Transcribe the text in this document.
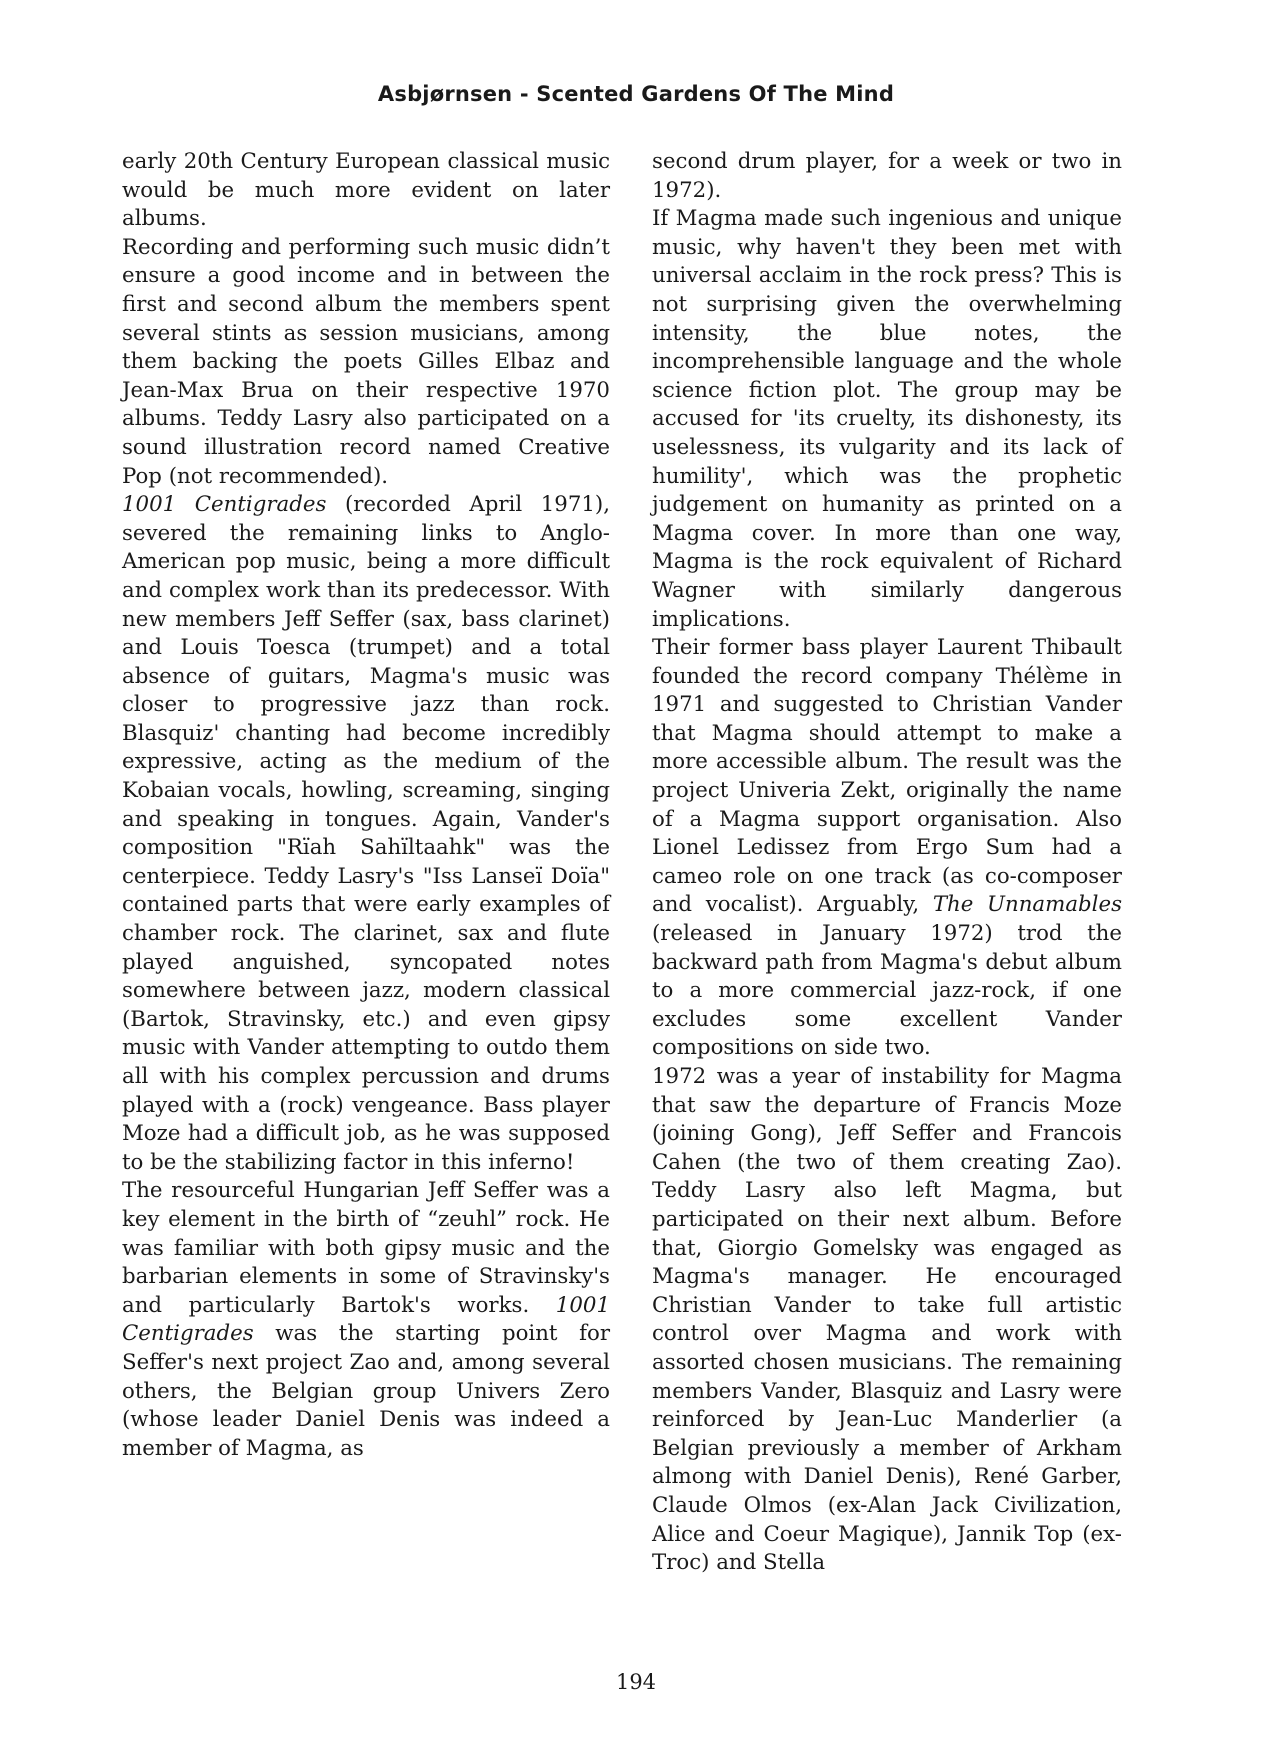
Asbjørnsen - Scented Gardens Of The Mind

early 20th Century European classical music would be much more evident on later albums.

Recording and performing such music didn’t ensure a good income and in between the first and second album the members spent several stints as session musicians, among them backing the poets Gilles Elbaz and Jean-Max Brua on their respective 1970 albums. Teddy Lasry also participated on a sound illustration record named Creative Pop (not recommended).

1001 Centigrades (recorded April 1971), severed the remaining links to Anglo-American pop music, being a more difficult and complex work than its predecessor. With new members Jeff Seffer (sax, bass clarinet) and Louis Toesca (trumpet) and a total absence of guitars, Magma's music was closer to progressive jazz than rock. Blasquiz' chanting had become incredibly expressive, acting as the medium of the Kobaian vocals, howling, screaming, singing and speaking in tongues. Again, Vander's composition "Rïah Sahïltaahk" was the centerpiece. Teddy Lasry's "Iss Lanseï Doïa" contained parts that were early examples of chamber rock. The clarinet, sax and flute played anguished, syncopated notes somewhere between jazz, modern classical (Bartok, Stravinsky, etc.) and even gipsy music with Vander attempting to outdo them all with his complex percussion and drums played with a (rock) vengeance. Bass player Moze had a difficult job, as he was supposed to be the stabilizing factor in this inferno!

The resourceful Hungarian Jeff Seffer was a key element in the birth of “zeuhl” rock. He was familiar with both gipsy music and the barbarian elements in some of Stravinsky's and particularly Bartok's works. 1001 Centigrades was the starting point for Seffer's next project Zao and, among several others, the Belgian group Univers Zero (whose leader Daniel Denis was indeed a member of Magma, as

second drum player, for a week or two in 1972).

If Magma made such ingenious and unique music, why haven't they been met with universal acclaim in the rock press? This is not surprising given the overwhelming intensity, the blue notes, the incomprehensible language and the whole science fiction plot. The group may be accused for 'its cruelty, its dishonesty, its uselessness, its vulgarity and its lack of humility', which was the prophetic judgement on humanity as printed on a Magma cover. In more than one way, Magma is the rock equivalent of Richard Wagner with similarly dangerous implications.

Their former bass player Laurent Thibault founded the record company Thélème in 1971 and suggested to Christian Vander that Magma should attempt to make a more accessible album. The result was the project Univeria Zekt, originally the name of a Magma support organisation. Also Lionel Ledissez from Ergo Sum had a cameo role on one track (as co-composer and vocalist). Arguably, The Unnamables (released in January 1972) trod the backward path from Magma's debut album to a more commercial jazz-rock, if one excludes some excellent Vander compositions on side two.

1972 was a year of instability for Magma that saw the departure of Francis Moze (joining Gong), Jeff Seffer and Francois Cahen (the two of them creating Zao). Teddy Lasry also left Magma, but participated on their next album. Before that, Giorgio Gomelsky was engaged as Magma's manager. He encouraged Christian Vander to take full artistic control over Magma and work with assorted chosen musicians. The remaining members Vander, Blasquiz and Lasry were reinforced by Jean-Luc Manderlier (a Belgian previously a member of Arkham almong with Daniel Denis), René Garber, Claude Olmos (ex-Alan Jack Civilization, Alice and Coeur Magique), Jannik Top (ex-Troc) and Stella

194
